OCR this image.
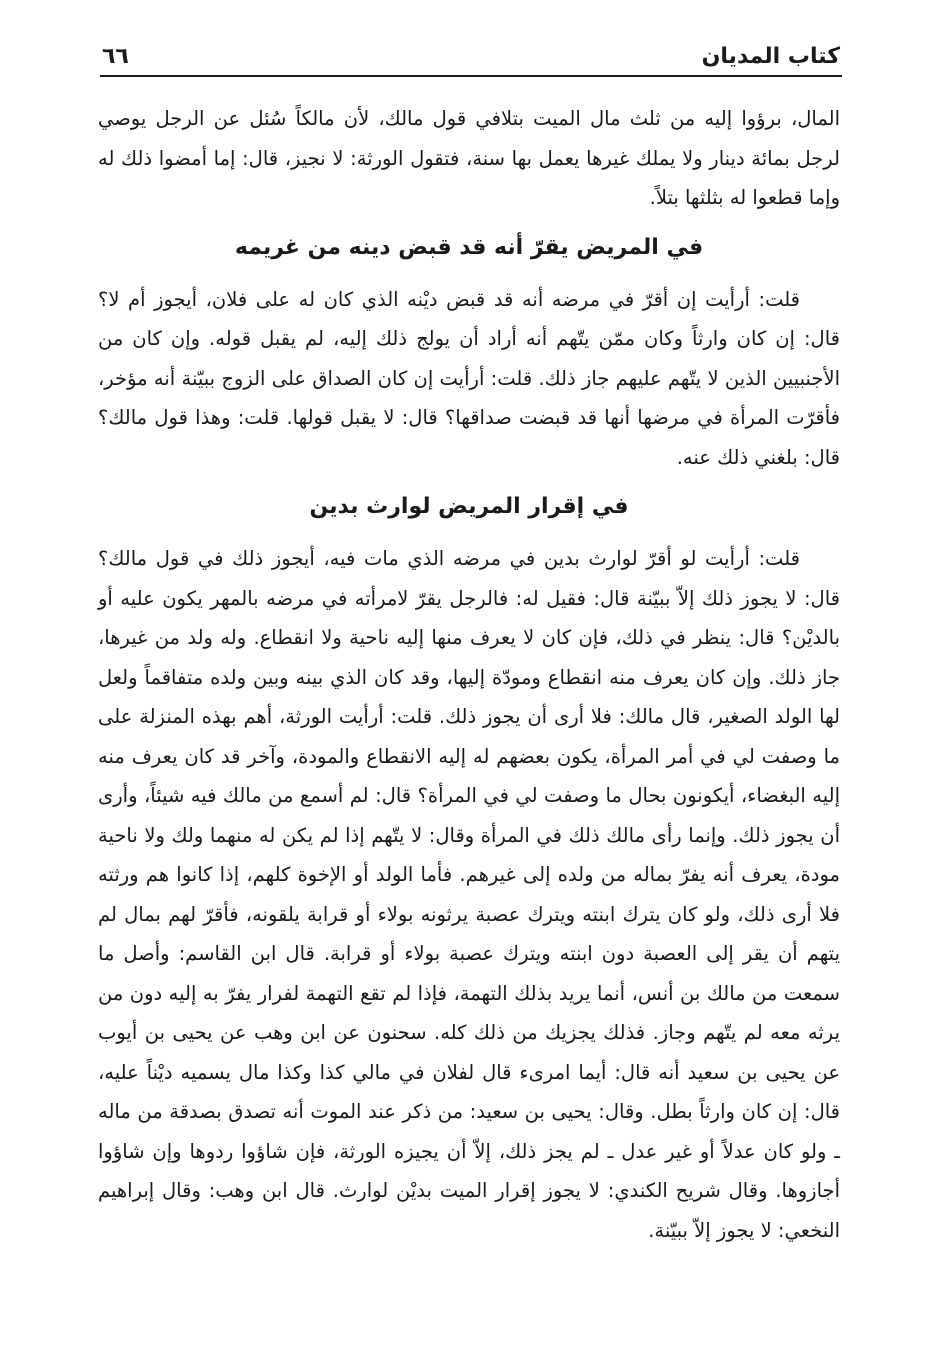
كتاب المديان
٦٦

المال، برؤوا إليه من ثلث مال الميت بتلافي قول مالك، لأن مالكاً سُئل عن الرجل يوصي لرجل بمائة دينار ولا يملك غيرها يعمل بها سنة، فتقول الورثة: لا نجيز، قال: إما أمضوا ذلك له وإما قطعوا له بثلثها بتلاً.

في المريض يقرّ أنه قد قبض دينه من غريمه

قلت: أرأيت إن أقرّ في مرضه أنه قد قبض ديْنه الذي كان له على فلان، أيجوز أم لا؟ قال: إن كان وارثاً وكان ممّن يتّهم أنه أراد أن يولج ذلك إليه، لم يقبل قوله. وإن كان من الأجنبيين الذين لا يتّهم عليهم جاز ذلك. قلت: أرأيت إن كان الصداق على الزوج ببيّنة أنه مؤخر، فأقرّت المرأة في مرضها أنها قد قبضت صداقها؟ قال: لا يقبل قولها. قلت: وهذا قول مالك؟ قال: بلغني ذلك عنه.

في إقرار المريض لوارث بدين

قلت: أرأيت لو أقرّ لوارث بدين في مرضه الذي مات فيه، أيجوز ذلك في قول مالك؟ قال: لا يجوز ذلك إلاّ ببيّنة قال: فقيل له: فالرجل يقرّ لامرأته في مرضه بالمهر يكون عليه أو بالديْن؟ قال: ينظر في ذلك، فإن كان لا يعرف منها إليه ناحية ولا انقطاع. وله ولد من غيرها، جاز ذلك. وإن كان يعرف منه انقطاع ومودّة إليها، وقد كان الذي بينه وبين ولده متفاقماً ولعل لها الولد الصغير، قال مالك: فلا أرى أن يجوز ذلك. قلت: أرأيت الورثة، أهم بهذه المنزلة على ما وصفت لي في أمر المرأة، يكون بعضهم له إليه الانقطاع والمودة، وآخر قد كان يعرف منه إليه البغضاء، أيكونون بحال ما وصفت لي في المرأة؟ قال: لم أسمع من مالك فيه شيئاً، وأرى أن يجوز ذلك. وإنما رأى مالك ذلك في المرأة وقال: لا يتّهم إذا لم يكن له منهما ولك ولا ناحية مودة، يعرف أنه يفرّ بماله من ولده إلى غيرهم. فأما الولد أو الإخوة كلهم، إذا كانوا هم ورثته فلا أرى ذلك، ولو كان يترك ابنته ويترك عصبة يرثونه بولاء أو قرابة يلقونه، فأقرّ لهم بمال لم يتهم أن يقر إلى العصبة دون ابنته ويترك عصبة بولاء أو قرابة. قال ابن القاسم: وأصل ما سمعت من مالك بن أنس، أنما يريد بذلك التهمة، فإذا لم تقع التهمة لفرار يفرّ به إليه دون من يرثه معه لم يتّهم وجاز. فذلك يجزيك من ذلك كله. سحنون عن ابن وهب عن يحيى بن أيوب عن يحيى بن سعيد أنه قال: أيما امرىء قال لفلان في مالي كذا وكذا مال يسميه ديْناً عليه، قال: إن كان وارثاً بطل. وقال: يحيى بن سعيد: من ذكر عند الموت أنه تصدق بصدقة من ماله ـ ولو كان عدلاً أو غير عدل ـ لم يجز ذلك، إلاّ أن يجيزه الورثة، فإن شاؤوا ردوها وإن شاؤوا أجازوها. وقال شريح الكندي: لا يجوز إقرار الميت بديْن لوارث. قال ابن وهب: وقال إبراهيم النخعي: لا يجوز إلاّ ببيّنة.
